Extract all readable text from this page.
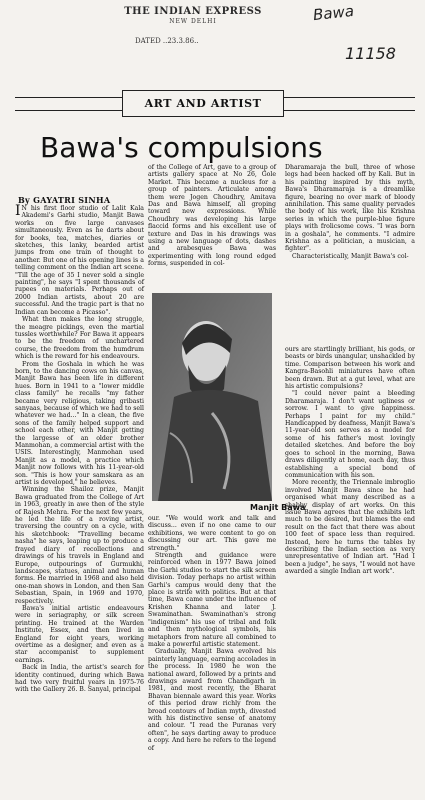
THE INDIAN EXPRESS
NEW DELHI
DATED ..23.3.86..
Bawa
11158
ART AND ARTIST
Bawa's compulsions
By GAYATRI SINHA

IN his first floor studio of Lalit Kala Akademi's Garhi studio, Manjit Bawa works on five large canvases simultaneously. Even as he darts about for books, tea, matches, diaries or sketches, this lanky, bearded artist jumps from one train of thought to another. But one of his opening lines is a telling comment on the Indian art scene. "Till the age of 35 I never sold a single painting", he says "I spent thousands of rupees on materials. Perhaps out of 2000 Indian artists, about 20 are successful. And the tragic part is that no Indian can become a Picasso".

What then makes the long struggle, the meagre pickings, even the martial tussles worthwhile? For Bawa it appears to be the freedom of unchartered course, the freedom from the humdrum which is the reward for his endeavours.

From the Goshala in which he was born, to the dancing cows on his canvas, Manjit Bawa has been life in different hues. Born in 1941 to a "lower middle class family" he recalls "my father became very religious, taking gribasti sanyaas, because of which we had to sell whatever we had..." In a clean, the five sons of the family helped support and school each other, with Manjit getting the largesse of an older brother Manmohan, a commercial artist with the USIS. Interestingly, Manmohan used Manjit as a model, a practice which Manjit now follows with his 11-year-old son. "This is how your samskara as an artist is developed," he believes.

Winning the Shailoz prize, Manjit Bawa graduated from the College of Art in 1963, greatly in awe then of the style of Rajesh Mehra. For the next few years, he led the life of a roving artist, traversing the country on a cycle, with his sketchbook: "Travelling became nasha" he says, leaping up to produce a frayed diary of recollections and drawings of his travels in England and Europe, outpourings of Gurmukhi, landscapes, statues, animal and human forms. He married in 1968 and also held one-man shows in London, and then San Sebastian, Spain, in 1969 and 1970, respectively.

Bawa's initial artistic endeavours were in seriagraphy, or silk screen printing. He trained at the Warden Institute, Essex, and then lived in England for eight years, working overtime as a designer, and even as a star accompanist to supplement earnings.

Back in India, the artist's search for identity continued, during which Bawa had two very fruitful years in 1975-76 with the Gallery 26. B. Sanyal, principal

of the College of Art, gave to a group of artists gallery space at No 26, Gole Market. This became a nucleus for a group of painters. Articulate among them were Jogen Choudhry, Amitava Das and Bawa himself, all groping toward new expressions. While Choudhry was developing his large flaccid forms and his excellent use of texture and Das in his drawings was using a new language of dots, dashes and arabesques Bawa was experimenting with long round edged forms, suspended in col-

Dharamaraja the bull, three of whose legs had been hacked off by Kali. But in his painting inspired by this myth, Bawa's Dharamaraja is a dreamlike figure, bearing no over mark of bloody annihilation. This same quality pervades the body of his work, like his Krishna series in which the purple-blue figure plays with frolicsome cows. "I was born in a goshala", he comments. "I admire Krishna as a politician, a musician, a fighter".

Characteristically, Manjit Bawa's col-

Manjit Bawa

our. "We would work and talk and discuss... even if no one came to our exhibitions, we were content to go on discussing our art. This gave me strength."

Strength and guidance were reinforced when in 1977 Bawa joined the Garhi studios to start the silk screen division. Today perhaps no artist within Garhi's campus would deny that the place is strife with politics. But at that time, Bawa came under the influence of Krishen Khanna and later J. Swaminathan. Swaminathan's strong "indigenism" his use of tribal and folk and then mythological symbols, his metaphors from nature all combined to make a powerful artistic statement.

Gradually, Manjit Bawa evolved his painterly language, earning accolades in the process. In 1980 he won the national award, followed by a prints and drawings award from Chandigarh in 1981, and most recently, the Bharat Bhavan biennale award this year. Works of this period draw richly from the broad contours of Indian myth, divested with his distinctive sense of anatomy and colour. "I read the Puranas very often", he says darting away to produce a copy. And here he refers to the legend of

ours are startlingly brilliant, his gods, or beasts or birds unangular, unshackled by time. Comparison between his work and Kangra-Basohli miniatures have often been drawn. But at a gut level, what are his artistic compulsions?

"I could never paint a bleeding Dharamaraja. I don't want ugliness or sorrow. I want to give happiness. Perhaps I paint for my child." Handicapped by deafness, Manjit Bawa's 11-year-old son serves as a model for some of his father's most lovingly detailed sketches. And before the boy goes to school in the morning, Bawa draws diligently at home, each day, thus establishing a special bond of communication with his son.

More recently, the Triennale imbroglio involved Manjit Bawa since he had organised what many described as a shabby display of art works. On this issue Bawa agrees that the exhibits left much to be desired, but blames the end result on the fact that there was about 100 feet of space less than required. Instead, here he turns the tables by describing the Indian section as very unrepresentative of Indian art. "Had I been a judge", he says, "I would not have awarded a single Indian art work".
